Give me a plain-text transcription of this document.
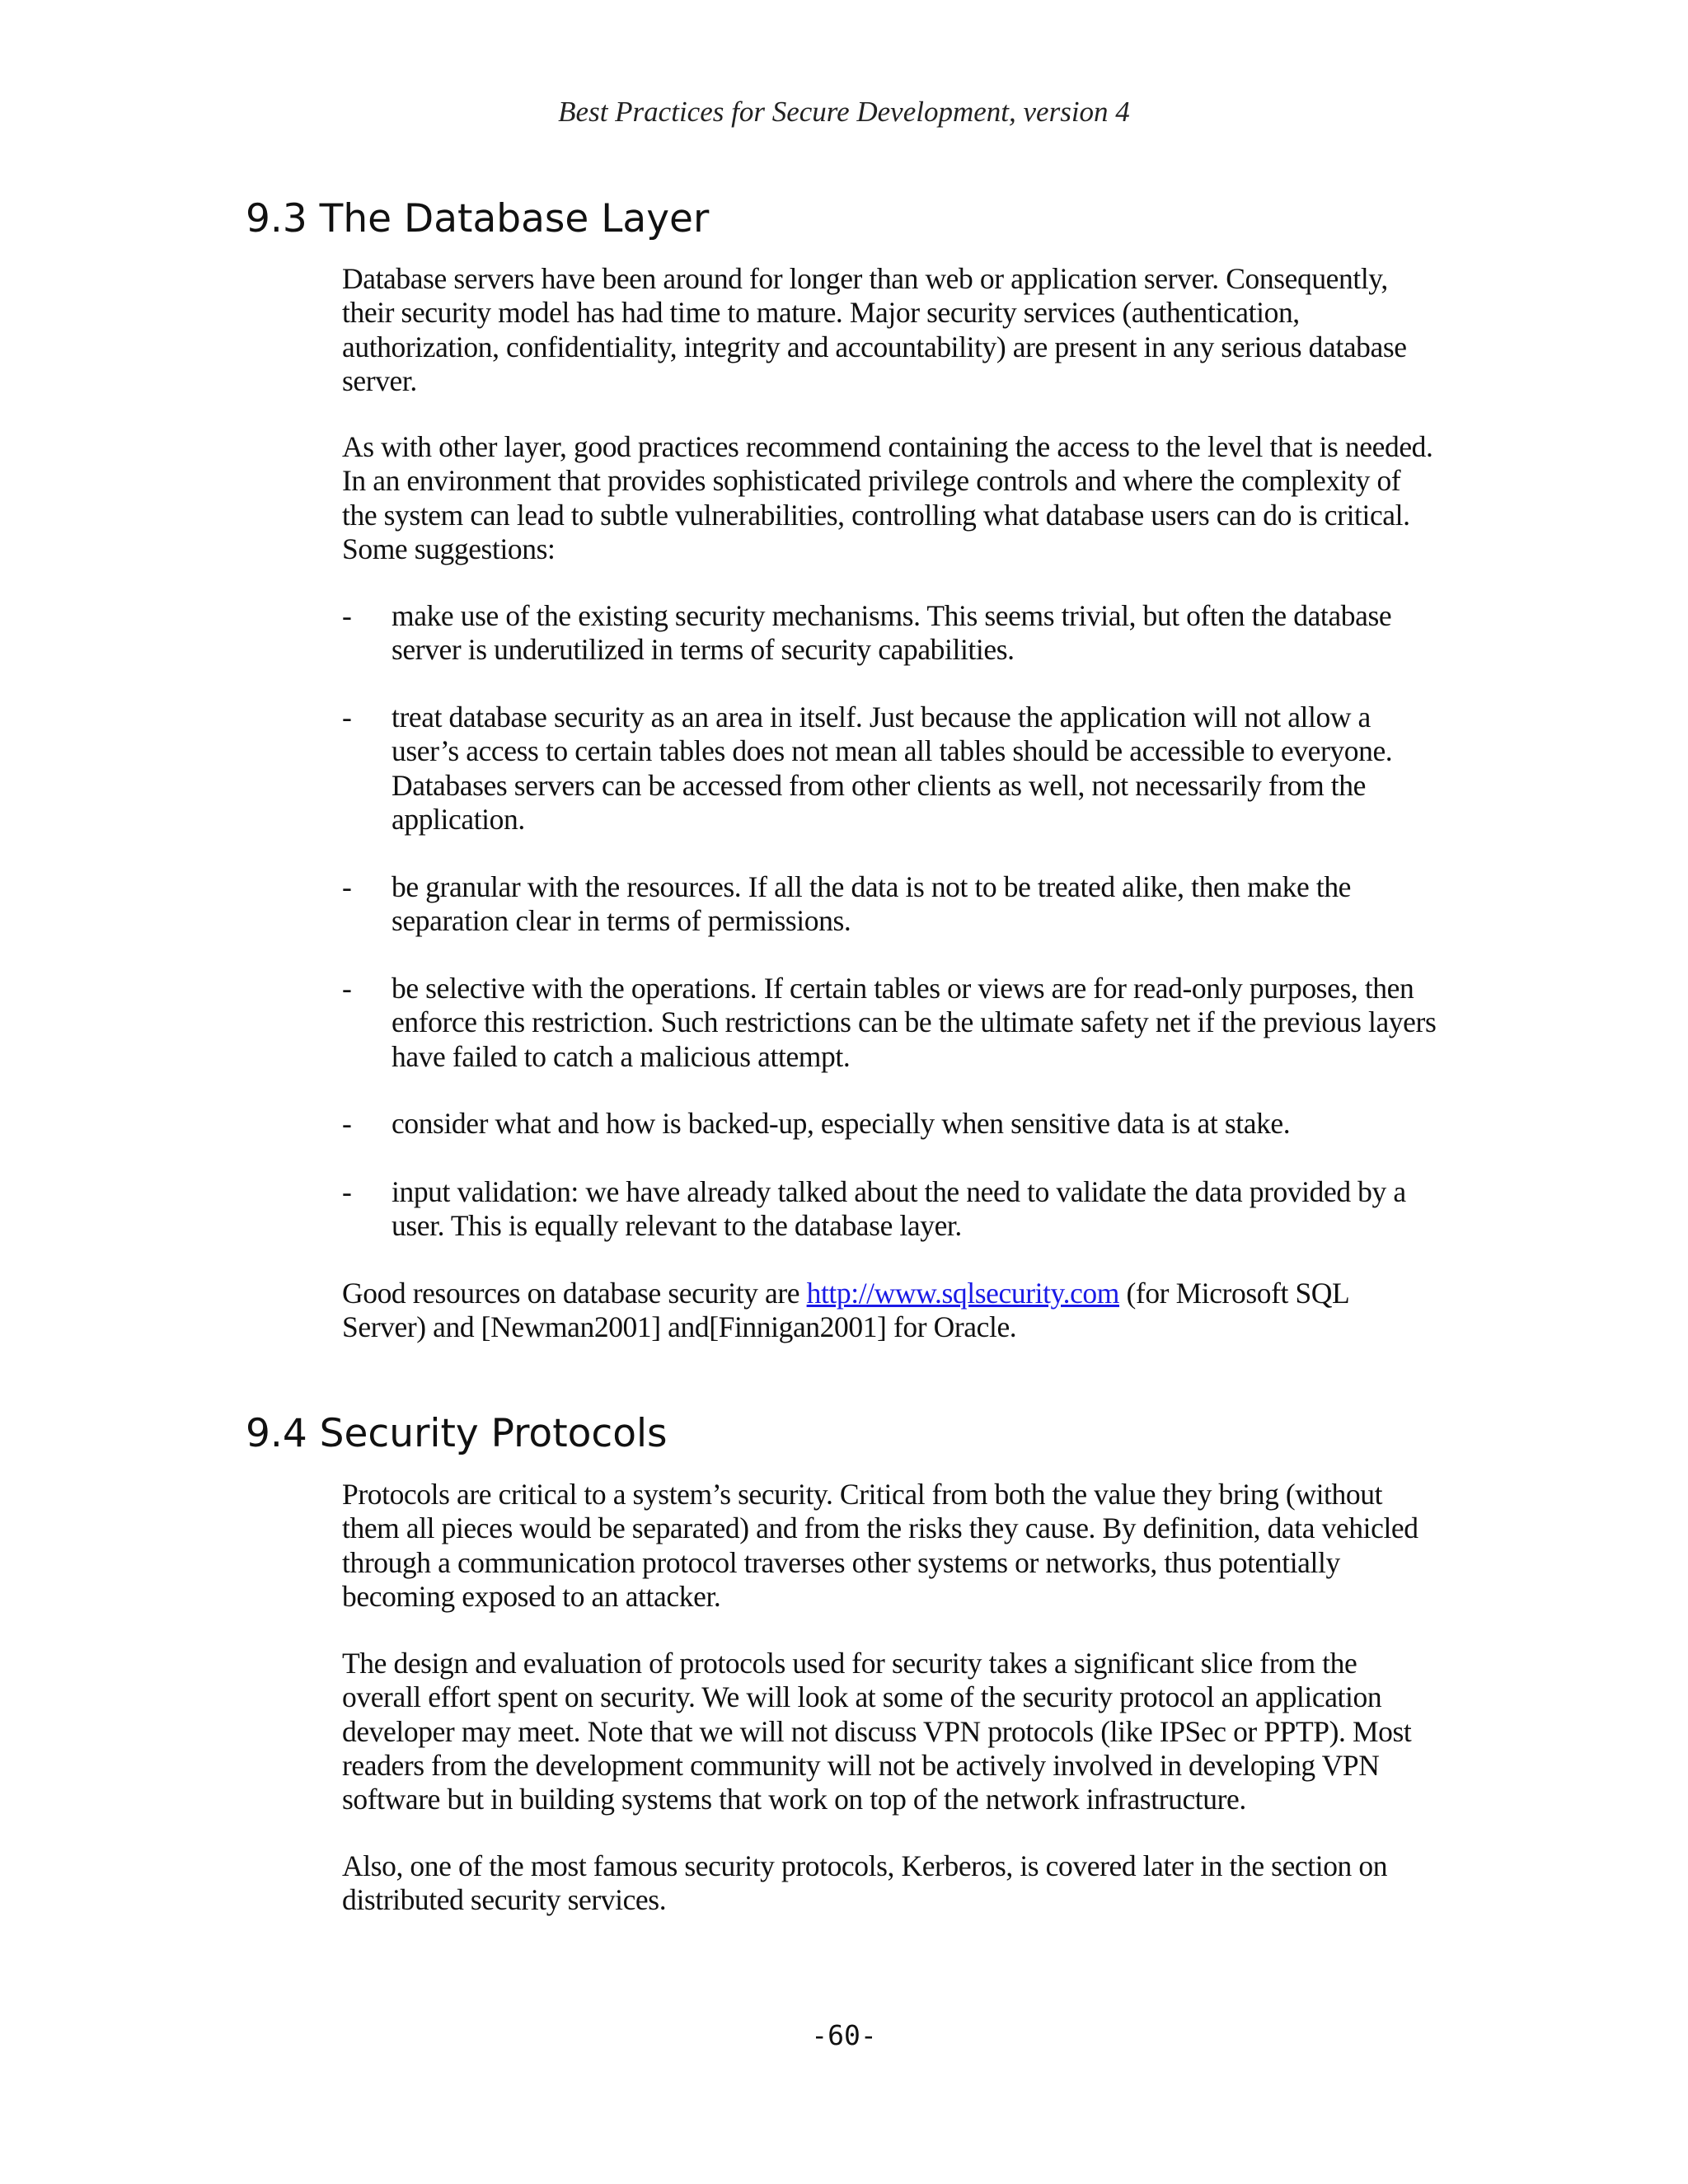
Best Practices for Secure Development, version 4
9.3 The Database Layer

Database servers have been around for longer than web or application server. Consequently, their security model has had time to mature. Major security services (authentication, authorization, confidentiality, integrity and accountability) are present in any serious database server.

As with other layer, good practices recommend containing the access to the level that is needed. In an environment that provides sophisticated privilege controls and where the complexity of the system can lead to subtle vulnerabilities, controlling what database users can do is critical. Some suggestions:

-	make use of the existing security mechanisms. This seems trivial, but often the database server is underutilized in terms of security capabilities.
-	treat database security as an area in itself. Just because the application will not allow a user’s access to certain tables does not mean all tables should be accessible to everyone. Databases servers can be accessed from other clients as well, not necessarily from the application.
-	be granular with the resources. If all the data is not to be treated alike, then make the separation clear in terms of permissions.
-	be selective with the operations. If certain tables or views are for read-only purposes, then enforce this restriction. Such restrictions can be the ultimate safety net if the previous layers have failed to catch a malicious attempt.
-	consider what and how is backed-up, especially when sensitive data is at stake.
-	input validation: we have already talked about the need to validate the data provided by a user. This is equally relevant to the database layer.

Good resources on database security are http://www.sqlsecurity.com (for Microsoft SQL Server) and [Newman2001] and[Finnigan2001] for Oracle.

9.4 Security Protocols

Protocols are critical to a system’s security. Critical from both the value they bring (without them all pieces would be separated) and from the risks they cause. By definition, data vehicled through a communication protocol traverses other systems or networks, thus potentially becoming exposed to an attacker.

The design and evaluation of protocols used for security takes a significant slice from the overall effort spent on security. We will look at some of the security protocol an application developer may meet. Note that we will not discuss VPN protocols (like IPSec or PPTP). Most readers from the development community will not be actively involved in developing VPN software but in building systems that work on top of the network infrastructure.

Also, one of the most famous security protocols, Kerberos, is covered later in the section on distributed security services.

-60-
